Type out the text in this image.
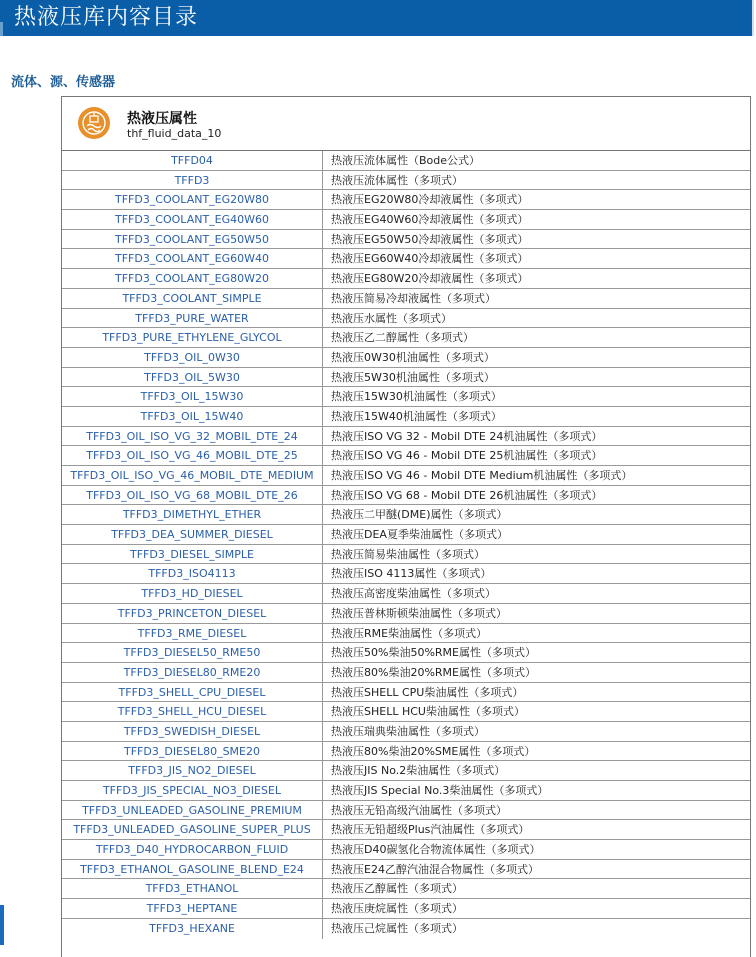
热液压库内容目录
流体、源、传感器
热液压属性
thf_fluid_data_10
TFFD04	热液压流体属性（Bode公式）
TFFD3	热液压流体属性（多项式）
TFFD3_COOLANT_EG20W80	热液压EG20W80冷却液属性（多项式）
TFFD3_COOLANT_EG40W60	热液压EG40W60冷却液属性（多项式）
TFFD3_COOLANT_EG50W50	热液压EG50W50冷却液属性（多项式）
TFFD3_COOLANT_EG60W40	热液压EG60W40冷却液属性（多项式）
TFFD3_COOLANT_EG80W20	热液压EG80W20冷却液属性（多项式）
TFFD3_COOLANT_SIMPLE	热液压简易冷却液属性（多项式）
TFFD3_PURE_WATER	热液压水属性（多项式）
TFFD3_PURE_ETHYLENE_GLYCOL	热液压乙二醇属性（多项式）
TFFD3_OIL_0W30	热液压0W30机油属性（多项式）
TFFD3_OIL_5W30	热液压5W30机油属性（多项式）
TFFD3_OIL_15W30	热液压15W30机油属性（多项式）
TFFD3_OIL_15W40	热液压15W40机油属性（多项式）
TFFD3_OIL_ISO_VG_32_MOBIL_DTE_24	热液压ISO VG 32 - Mobil DTE 24机油属性（多项式）
TFFD3_OIL_ISO_VG_46_MOBIL_DTE_25	热液压ISO VG 46 - Mobil DTE 25机油属性（多项式）
TFFD3_OIL_ISO_VG_46_MOBIL_DTE_MEDIUM	热液压ISO VG 46 - Mobil DTE Medium机油属性（多项式）
TFFD3_OIL_ISO_VG_68_MOBIL_DTE_26	热液压ISO VG 68 - Mobil DTE 26机油属性（多项式）
TFFD3_DIMETHYL_ETHER	热液压二甲醚(DME)属性（多项式）
TFFD3_DEA_SUMMER_DIESEL	热液压DEA夏季柴油属性（多项式）
TFFD3_DIESEL_SIMPLE	热液压简易柴油属性（多项式）
TFFD3_ISO4113	热液压ISO 4113属性（多项式）
TFFD3_HD_DIESEL	热液压高密度柴油属性（多项式）
TFFD3_PRINCETON_DIESEL	热液压普林斯顿柴油属性（多项式）
TFFD3_RME_DIESEL	热液压RME柴油属性（多项式）
TFFD3_DIESEL50_RME50	热液压50%柴油50%RME属性（多项式）
TFFD3_DIESEL80_RME20	热液压80%柴油20%RME属性（多项式）
TFFD3_SHELL_CPU_DIESEL	热液压SHELL CPU柴油属性（多项式）
TFFD3_SHELL_HCU_DIESEL	热液压SHELL HCU柴油属性（多项式）
TFFD3_SWEDISH_DIESEL	热液压瑞典柴油属性（多项式）
TFFD3_DIESEL80_SME20	热液压80%柴油20%SME属性（多项式）
TFFD3_JIS_NO2_DIESEL	热液压JIS No.2柴油属性（多项式）
TFFD3_JIS_SPECIAL_NO3_DIESEL	热液压JIS Special No.3柴油属性（多项式）
TFFD3_UNLEADED_GASOLINE_PREMIUM	热液压无铅高级汽油属性（多项式）
TFFD3_UNLEADED_GASOLINE_SUPER_PLUS	热液压无铅超级Plus汽油属性（多项式）
TFFD3_D40_HYDROCARBON_FLUID	热液压D40碳氢化合物流体属性（多项式）
TFFD3_ETHANOL_GASOLINE_BLEND_E24	热液压E24乙醇汽油混合物属性（多项式）
TFFD3_ETHANOL	热液压乙醇属性（多项式）
TFFD3_HEPTANE	热液压庚烷属性（多项式）
TFFD3_HEXANE	热液压己烷属性（多项式）
